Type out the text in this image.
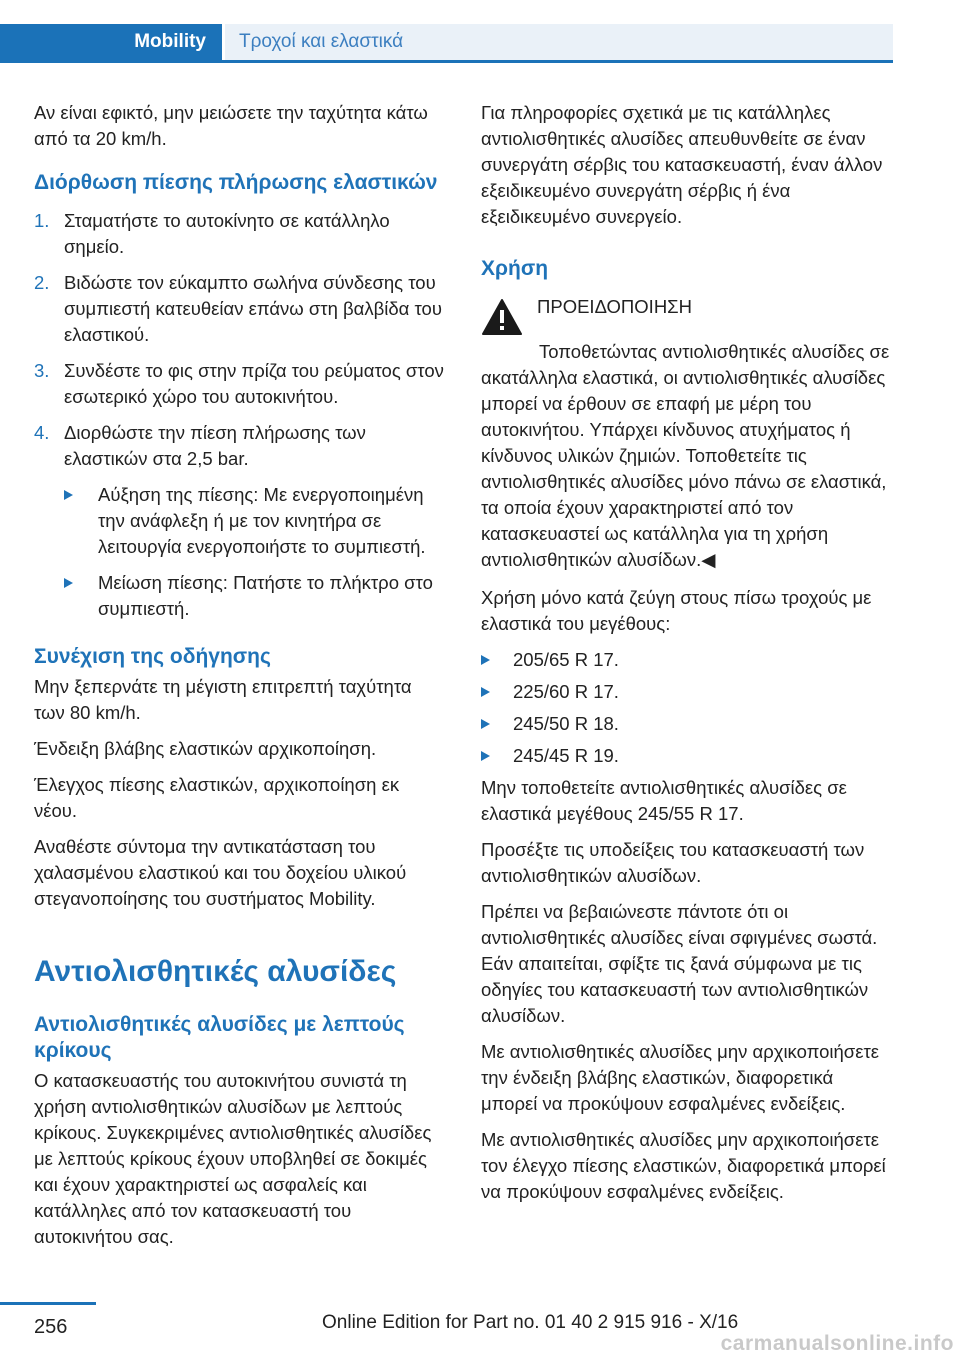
Mobility	Τροχοί και ελαστικά

Αν είναι εφικτό, μην μειώσετε την ταχύτητα κάτω από τα 20 km/h.

Διόρθωση πίεσης πλήρωσης ελαστικών
1. Σταματήστε το αυτοκίνητο σε κατάλληλο σημείο.
2. Βιδώστε τον εύκαμπτο σωλήνα σύνδεσης του συμπιεστή κατευθείαν επάνω στη βαλβίδα του ελαστικού.
3. Συνδέστε το φις στην πρίζα του ρεύματος στον εσωτερικό χώρο του αυτοκινήτου.
4. Διορθώστε την πίεση πλήρωσης των ελαστικών στα 2,5 bar.
Αύξηση της πίεσης: Με ενεργοποιημένη την ανάφλεξη ή με τον κινητήρα σε λειτουργία ενεργοποιήστε το συμπιεστή.
Μείωση πίεσης: Πατήστε το πλήκτρο στο συμπιεστή.
Συνέχιση της οδήγησης

Μην ξεπερνάτε τη μέγιστη επιτρεπτή ταχύτητα των 80 km/h.

Ένδειξη βλάβης ελαστικών αρχικοποίηση.

Έλεγχος πίεσης ελαστικών, αρχικοποίηση εκ νέου.

Αναθέστε σύντομα την αντικατάσταση του χαλασμένου ελαστικού και του δοχείου υλικού στεγανοποίησης του συστήματος Mobility.

Αντιολισθητικές αλυσίδες
Αντιολισθητικές αλυσίδες με λεπτούς κρίκους

Ο κατασκευαστής του αυτοκινήτου συνιστά τη χρήση αντιολισθητικών αλυσίδων με λεπτούς κρίκους. Συγκεκριμένες αντιολισθητικές αλυσίδες με λεπτούς κρίκους έχουν υποβληθεί σε δοκιμές και έχουν χαρακτηριστεί ως ασφαλείς και κατάλληλες από τον κατασκευαστή του αυτοκινήτου σας.

Για πληροφορίες σχετικά με τις κατάλληλες αντιολισθητικές αλυσίδες απευθυνθείτε σε έναν συνεργάτη σέρβις του κατασκευαστή, έναν άλλον εξειδικευμένο συνεργάτη σέρβις ή ένα εξειδικευμένο συνεργείο.

Χρήση
ΠΡΟΕΙΔΟΠΟΙΗΣΗ
Τοποθετώντας αντιολισθητικές αλυσίδες σε ακατάλληλα ελαστικά, οι αντιολισθητικές αλυσίδες μπορεί να έρθουν σε επαφή με μέρη του αυτοκινήτου. Υπάρχει κίνδυνος ατυχήματος ή κίνδυνος υλικών ζημιών. Τοποθετείτε τις αντιολισθητικές αλυσίδες μόνο πάνω σε ελαστικά, τα οποία έχουν χαρακτηριστεί από τον κατασκευαστεί ως κατάλληλα για τη χρήση αντιολισθητικών αλυσίδων.◀

Χρήση μόνο κατά ζεύγη στους πίσω τροχούς με ελαστικά του μεγέθους:

205/65 R 17.
225/60 R 17.
245/50 R 18.
245/45 R 19.

Μην τοποθετείτε αντιολισθητικές αλυσίδες σε ελαστικά μεγέθους 245/55 R 17.

Προσέξτε τις υποδείξεις του κατασκευαστή των αντιολισθητικών αλυσίδων.

Πρέπει να βεβαιώνεστε πάντοτε ότι οι αντιολισθητικές αλυσίδες είναι σφιγμένες σωστά. Εάν απαιτείται, σφίξτε τις ξανά σύμφωνα με τις οδηγίες του κατασκευαστή των αντιολισθητικών αλυσίδων.

Με αντιολισθητικές αλυσίδες μην αρχικοποιήσετε την ένδειξη βλάβης ελαστικών, διαφορετικά μπορεί να προκύψουν εσφαλμένες ενδείξεις.

Με αντιολισθητικές αλυσίδες μην αρχικοποιήσετε τον έλεγχο πίεσης ελαστικών, διαφορετικά μπορεί να προκύψουν εσφαλμένες ενδείξεις.

256	Online Edition for Part no. 01 40 2 915 916 - X/16
carmanualsonline.info
